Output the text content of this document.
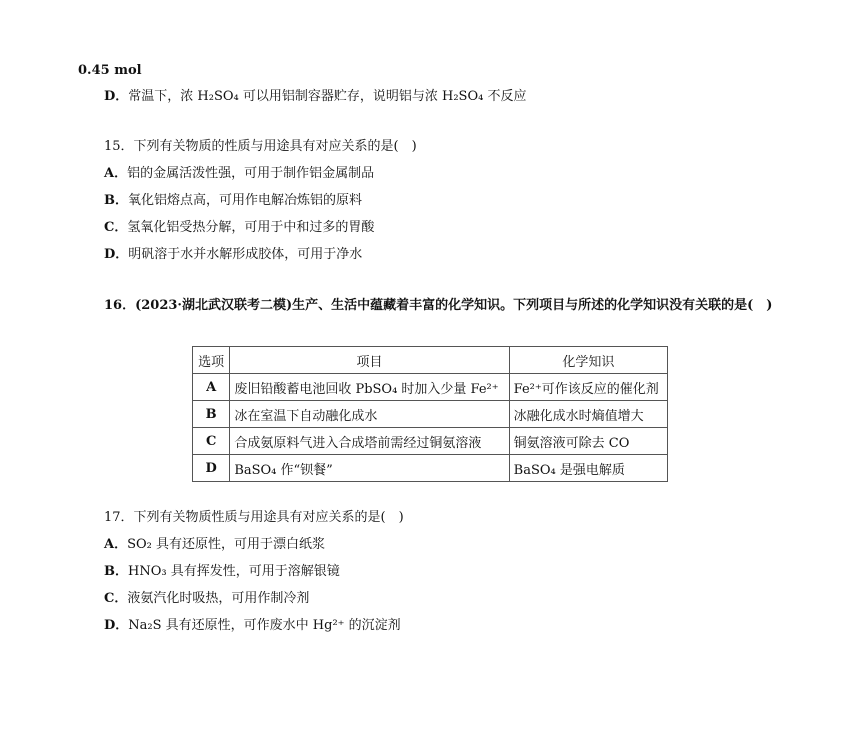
0.45 mol
D．常温下，浓 H₂SO₄ 可以用铝制容器贮存，说明铝与浓 H₂SO₄ 不反应
15．下列有关物质的性质与用途具有对应关系的是(　)
A．铝的金属活泼性强，可用于制作铝金属制品
B．氧化铝熔点高，可用作电解冶炼铝的原料
C．氢氧化铝受热分解，可用于中和过多的胃酸
D．明矾溶于水并水解形成胶体，可用于净水
16．(2023·湖北武汉联考二模)生产、生活中蕴藏着丰富的化学知识。下列项目与所述的化学知识没有关联的是(　)
选项	项目	化学知识
A	废旧铅酸蓄电池回收 PbSO₄ 时加入少量 Fe²⁺	Fe²⁺可作该反应的催化剂
B	冰在室温下自动融化成水	冰融化成水时熵值增大
C	合成氨原料气进入合成塔前需经过铜氨溶液	铜氨溶液可除去 CO
D	BaSO₄ 作“钡餐”	BaSO₄ 是强电解质
17．下列有关物质性质与用途具有对应关系的是(　)
A．SO₂ 具有还原性，可用于漂白纸浆
B．HNO₃ 具有挥发性，可用于溶解银镜
C．液氨汽化时吸热，可用作制冷剂
D．Na₂S 具有还原性，可作废水中 Hg²⁺ 的沉淀剂
